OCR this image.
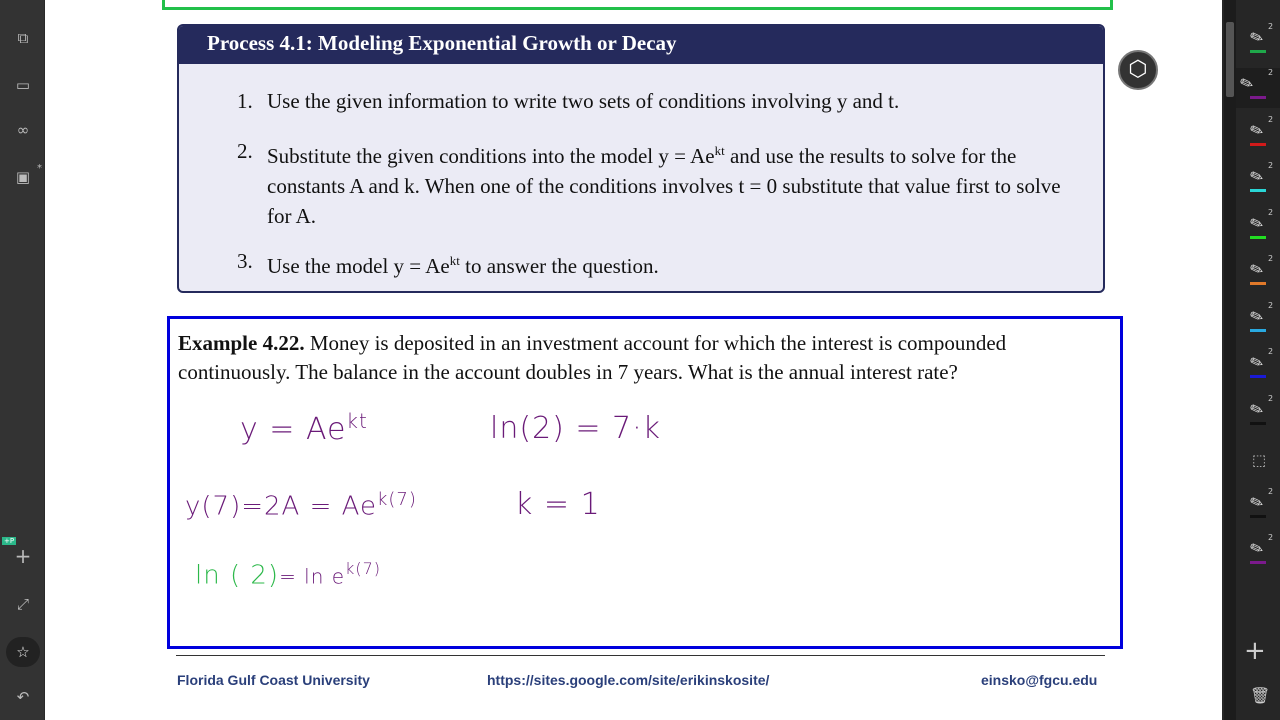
⧉
▭
∞
▣ *
+P
+
⤢
☆
↶
Process 4.1: Modeling Exponential Growth or Decay
1. Use the given information to write two sets of conditions involving y and t.
2. Substitute the given conditions into the model $y = Ae^{kt}$ and use the results to solve for the constants A and k. When one of the conditions involves t = 0 substitute that value first to solve for A.
3. Use the model $y = Ae^{kt}$ to answer the question.
⬡

Example 4.22. Money is deposited in an investment account for which the interest is compounded continuously. The balance in the account doubles in 7 years. What is the annual interest rate?

$y = Ae^{kt}$
$y(7)=2A = Ae^{k(7)}$
ln ( $2)= \ln e^{k(7)}$
ln(2) = 7·k
k = 1
Florida Gulf Coast University	https://sites.google.com/site/erikinskosite/	einsko@fgcu.edu
✎ 2
✎ 2
✎ 2
✎ 2
✎ 2
✎ 2
✎ 2
✎ 2
✎ 2
✎ 2
✎ 2
⬚
+
🗑
